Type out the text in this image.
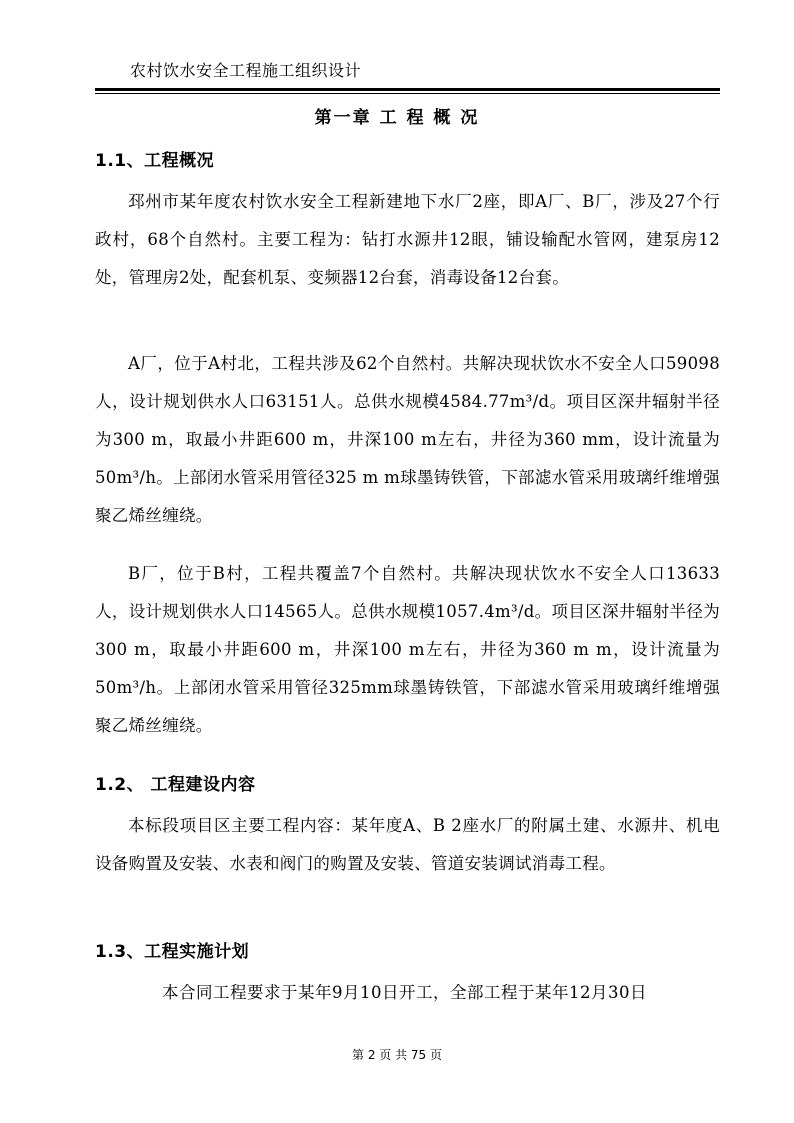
农村饮水安全工程施工组织设计
第一章 工 程 概 况
1.1、工程概况

邳州市某年度农村饮水安全工程新建地下水厂2座，即A厂、B厂，涉及27个行政村，68个自然村。主要工程为：钻打水源井12眼，铺设输配水管网，建泵房12处，管理房2处，配套机泵、变频器12台套，消毒设备12台套。

A厂，位于A村北，工程共涉及62个自然村。共解决现状饮水不安全人口59098人，设计规划供水人口63151人。总供水规模4584.77m³/d。项目区深井辐射半径为300 m，取最小井距600 m，井深100 m左右，井径为360 mm，设计流量为50m³/h。上部闭水管采用管径325 m m球墨铸铁管，下部滤水管采用玻璃纤维增强聚乙烯丝缠绕。

B厂，位于B村，工程共覆盖7个自然村。共解决现状饮水不安全人口13633人，设计规划供水人口14565人。总供水规模1057.4m³/d。项目区深井辐射半径为300 m，取最小井距600 m，井深100 m左右，井径为360 m m，设计流量为50m³/h。上部闭水管采用管径325mm球墨铸铁管，下部滤水管采用玻璃纤维增强聚乙烯丝缠绕。

1.2、 工程建设内容

本标段项目区主要工程内容：某年度A、B 2座水厂的附属土建、水源井、机电设备购置及安装、水表和阀门的购置及安装、管道安装调试消毒工程。

1.3、工程实施计划

本合同工程要求于某年9月10日开工，全部工程于某年12月30日

第 2 页 共 75 页
